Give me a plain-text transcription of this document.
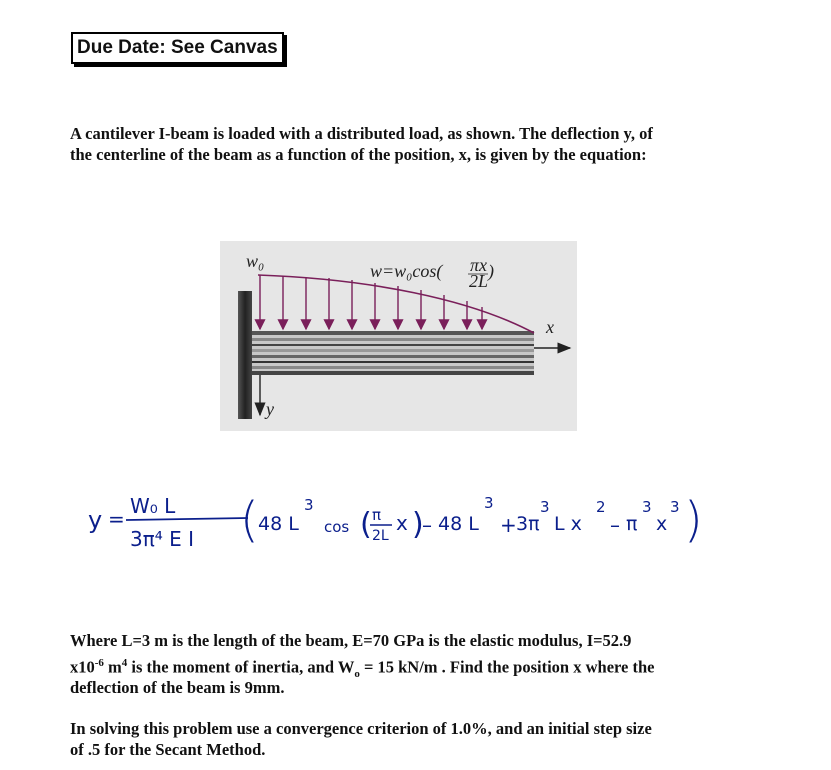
Due Date: See Canvas
A cantilever I-beam is loaded with a distributed load, as shown. The deflection y, of
the centerline of the beam as a function of the position, x, is given by the equation:
w₀	w=w₀cos( πx
2L )
x
y
y =
W₀ L
3π⁴ E I ( 48 L
3
cos ( π
2L
x )
– 48 L
3
+ 3π
3
L x
2
– π
3
x
3 )
Where L=3 m is the length of the beam, E=70 GPa is the elastic modulus, I=52.9
$x10^{-6}$ $m^4$ is the moment of inertia, and $W_o = 15$ kN/m . Find the position x where the
deflection of the beam is 9mm.
In solving this problem use a convergence criterion of 1.0%, and an initial step size
of .5 for the Secant Method.
